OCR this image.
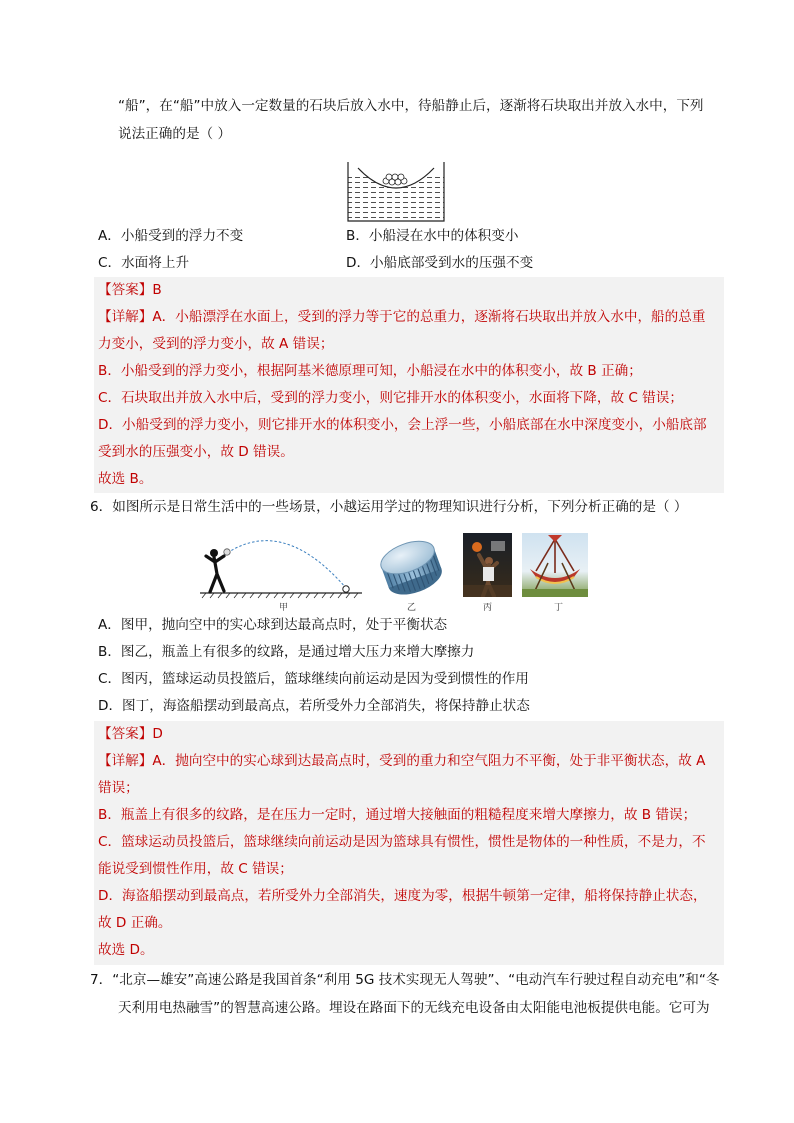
“船”，在“船”中放入一定数量的石块后放入水中，待船静止后，逐渐将石块取出并放入水中，下列
说法正确的是（ ）
A．小船受到的浮力不变	B．小船浸在水中的体积变小
C．水面将上升	D．小船底部受到水的压强不变
【答案】B
【详解】A．小船漂浮在水面上，受到的浮力等于它的总重力，逐渐将石块取出并放入水中，船的总重
力变小，受到的浮力变小，故 A 错误；
B．小船受到的浮力变小，根据阿基米德原理可知，小船浸在水中的体积变小，故 B 正确；
C．石块取出并放入水中后，受到的浮力变小，则它排开水的体积变小，水面将下降，故 C 错误；
D．小船受到的浮力变小，则它排开水的体积变小，会上浮一些，小船底部在水中深度变小，小船底部
受到水的压强变小，故 D 错误。
故选 B。
6．如图所示是日常生活中的一些场景，小越运用学过的物理知识进行分析，下列分析正确的是（ ）
甲	乙	丙	丁
A．图甲，抛向空中的实心球到达最高点时，处于平衡状态
B．图乙，瓶盖上有很多的纹路，是通过增大压力来增大摩擦力
C．图丙，篮球运动员投篮后，篮球继续向前运动是因为受到惯性的作用
D．图丁，海盗船摆动到最高点，若所受外力全部消失，将保持静止状态
【答案】D
【详解】A．抛向空中的实心球到达最高点时，受到的重力和空气阻力不平衡，处于非平衡状态，故 A
错误；
B．瓶盖上有很多的纹路，是在压力一定时，通过增大接触面的粗糙程度来增大摩擦力，故 B 错误；
C．篮球运动员投篮后，篮球继续向前运动是因为篮球具有惯性，惯性是物体的一种性质，不是力，不
能说受到惯性作用，故 C 错误；
D．海盗船摆动到最高点，若所受外力全部消失，速度为零，根据牛顿第一定律，船将保持静止状态，
故 D 正确。
故选 D。
7．“北京—雄安”高速公路是我国首条“利用 5G 技术实现无人驾驶”、“电动汽车行驶过程自动充电”和“冬
天利用电热融雪”的智慧高速公路。埋设在路面下的无线充电设备由太阳能电池板提供电能。它可为
